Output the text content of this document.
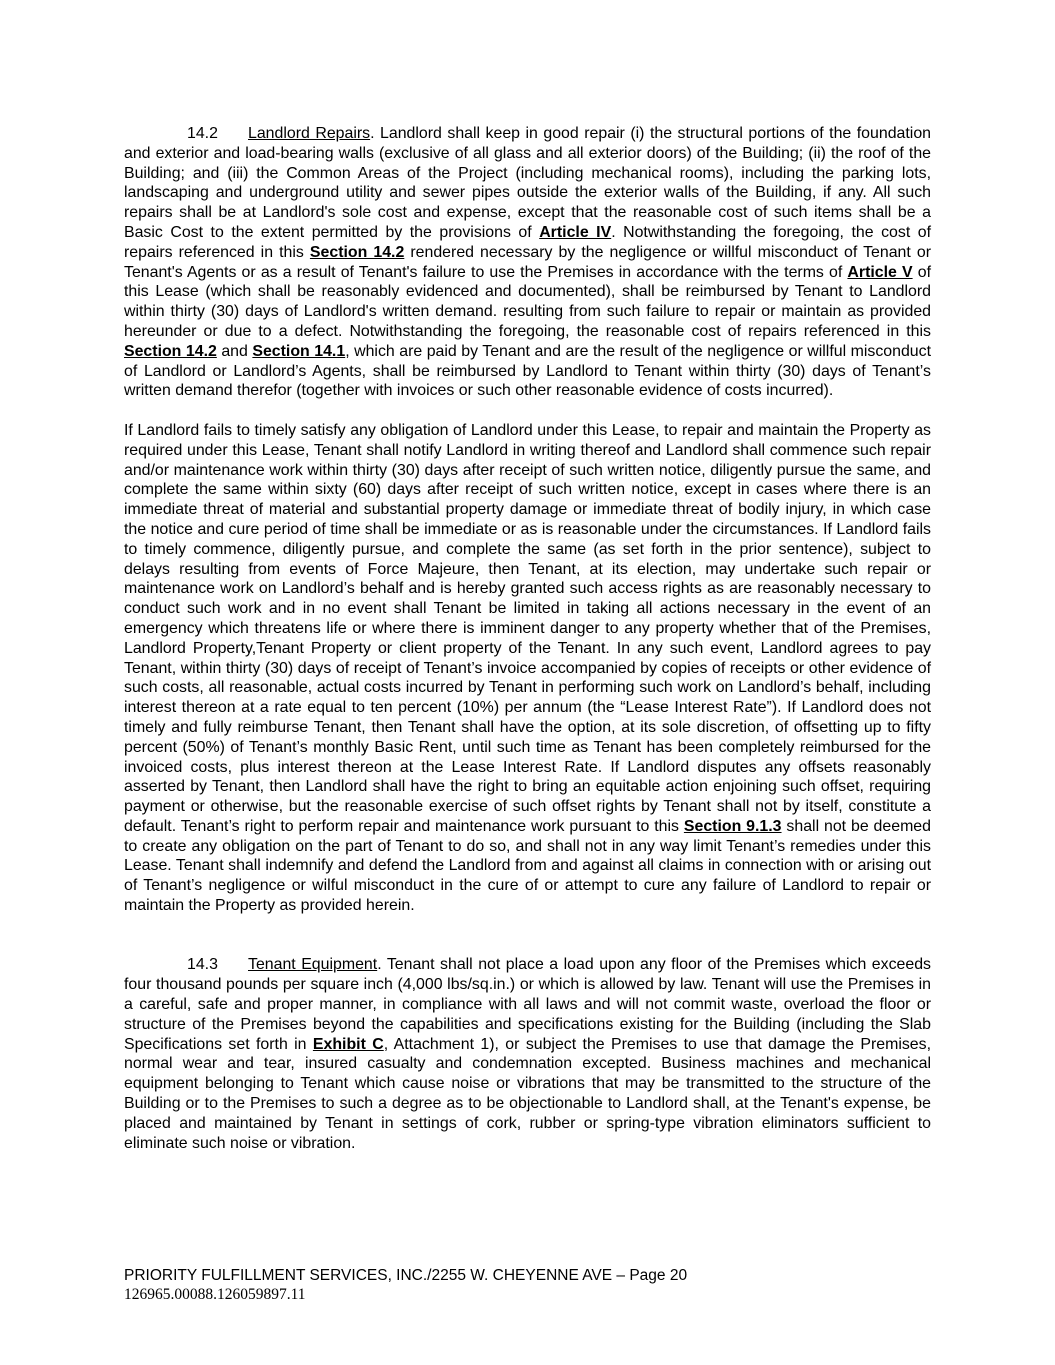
14.2 Landlord Repairs. Landlord shall keep in good repair (i) the structural portions of the foundation and exterior and load-bearing walls (exclusive of all glass and all exterior doors) of the Building; (ii) the roof of the Building; and (iii) the Common Areas of the Project (including mechanical rooms), including the parking lots, landscaping and underground utility and sewer pipes outside the exterior walls of the Building, if any. All such repairs shall be at Landlord's sole cost and expense, except that the reasonable cost of such items shall be a Basic Cost to the extent permitted by the provisions of Article IV. Notwithstanding the foregoing, the cost of repairs referenced in this Section 14.2 rendered necessary by the negligence or willful misconduct of Tenant or Tenant's Agents or as a result of Tenant's failure to use the Premises in accordance with the terms of Article V of this Lease (which shall be reasonably evidenced and documented), shall be reimbursed by Tenant to Landlord within thirty (30) days of Landlord's written demand. resulting from such failure to repair or maintain as provided hereunder or due to a defect. Notwithstanding the foregoing, the reasonable cost of repairs referenced in this Section 14.2 and Section 14.1, which are paid by Tenant and are the result of the negligence or willful misconduct of Landlord or Landlord’s Agents, shall be reimbursed by Landlord to Tenant within thirty (30) days of Tenant’s written demand therefor (together with invoices or such other reasonable evidence of costs incurred).

If Landlord fails to timely satisfy any obligation of Landlord under this Lease, to repair and maintain the Property as required under this Lease, Tenant shall notify Landlord in writing thereof and Landlord shall commence such repair and/or maintenance work within thirty (30) days after receipt of such written notice, diligently pursue the same, and complete the same within sixty (60) days after receipt of such written notice, except in cases where there is an immediate threat of material and substantial property damage or immediate threat of bodily injury, in which case the notice and cure period of time shall be immediate or as is reasonable under the circumstances. If Landlord fails to timely commence, diligently pursue, and complete the same (as set forth in the prior sentence), subject to delays resulting from events of Force Majeure, then Tenant, at its election, may undertake such repair or maintenance work on Landlord’s behalf and is hereby granted such access rights as are reasonably necessary to conduct such work and in no event shall Tenant be limited in taking all actions necessary in the event of an emergency which threatens life or where there is imminent danger to any property whether that of the Premises, Landlord Property,Tenant Property or client property of the Tenant. In any such event, Landlord agrees to pay Tenant, within thirty (30) days of receipt of Tenant’s invoice accompanied by copies of receipts or other evidence of such costs, all reasonable, actual costs incurred by Tenant in performing such work on Landlord’s behalf, including interest thereon at a rate equal to ten percent (10%) per annum (the “Lease Interest Rate”). If Landlord does not timely and fully reimburse Tenant, then Tenant shall have the option, at its sole discretion, of offsetting up to fifty percent (50%) of Tenant’s monthly Basic Rent, until such time as Tenant has been completely reimbursed for the invoiced costs, plus interest thereon at the Lease Interest Rate. If Landlord disputes any offsets reasonably asserted by Tenant, then Landlord shall have the right to bring an equitable action enjoining such offset, requiring payment or otherwise, but the reasonable exercise of such offset rights by Tenant shall not by itself, constitute a default. Tenant’s right to perform repair and maintenance work pursuant to this Section 9.1.3 shall not be deemed to create any obligation on the part of Tenant to do so, and shall not in any way limit Tenant’s remedies under this Lease. Tenant shall indemnify and defend the Landlord from and against all claims in connection with or arising out of Tenant’s negligence or wilful misconduct in the cure of or attempt to cure any failure of Landlord to repair or maintain the Property as provided herein.

14.3 Tenant Equipment. Tenant shall not place a load upon any floor of the Premises which exceeds four thousand pounds per square inch (4,000 lbs/sq.in.) or which is allowed by law. Tenant will use the Premises in a careful, safe and proper manner, in compliance with all laws and will not commit waste, overload the floor or structure of the Premises beyond the capabilities and specifications existing for the Building (including the Slab Specifications set forth in Exhibit C, Attachment 1), or subject the Premises to use that damage the Premises, normal wear and tear, insured casualty and condemnation excepted. Business machines and mechanical equipment belonging to Tenant which cause noise or vibrations that may be transmitted to the structure of the Building or to the Premises to such a degree as to be objectionable to Landlord shall, at the Tenant's expense, be placed and maintained by Tenant in settings of cork, rubber or spring-type vibration eliminators sufficient to eliminate such noise or vibration.

PRIORITY FULFILLMENT SERVICES, INC./2255 W. CHEYENNE AVE – Page 20
126965.00088.126059897.11
